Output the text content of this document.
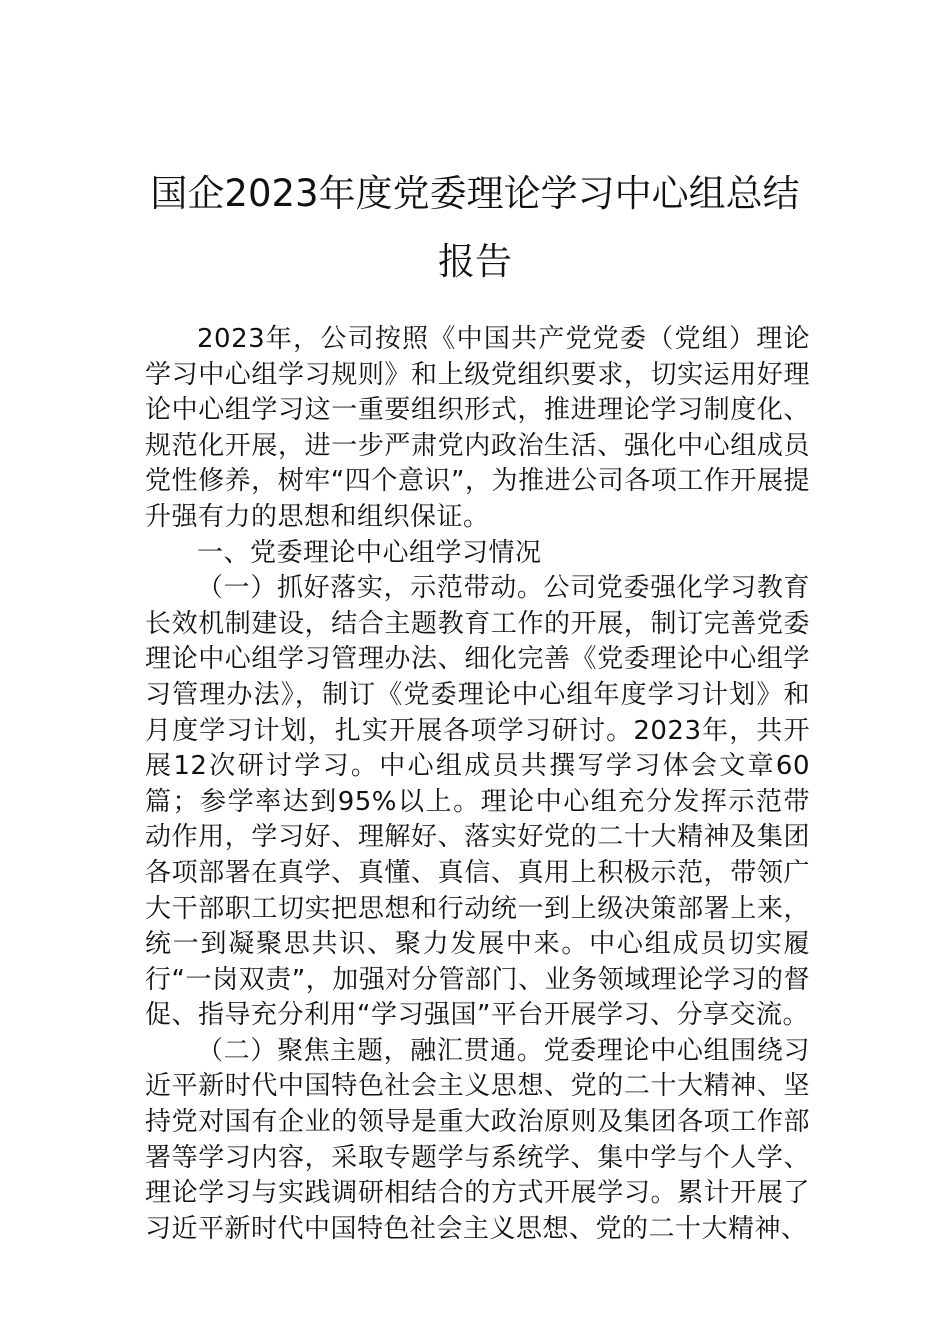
国企2023年度党委理论学习中心组总结报告

2023年，公司按照《中国共产党党委（党组）理论学习中心组学习规则》和上级党组织要求，切实运用好理论中心组学习这一重要组织形式，推进理论学习制度化、规范化开展，进一步严肃党内政治生活、强化中心组成员党性修养，树牢“四个意识”，为推进公司各项工作开展提升强有力的思想和组织保证。

一、党委理论中心组学习情况

（一）抓好落实，示范带动。公司党委强化学习教育长效机制建设，结合主题教育工作的开展，制订完善党委理论中心组学习管理办法、细化完善《党委理论中心组学习管理办法》，制订《党委理论中心组年度学习计划》和月度学习计划，扎实开展各项学习研讨。2023年，共开展12次研讨学习。中心组成员共撰写学习体会文章60篇；参学率达到95%以上。理论中心组充分发挥示范带动作用，学习好、理解好、落实好党的二十大精神及集团各项部署在真学、真懂、真信、真用上积极示范，带领广大干部职工切实把思想和行动统一到上级决策部署上来，统一到凝聚思共识、聚力发展中来。中心组成员切实履行“一岗双责”，加强对分管部门、业务领域理论学习的督促、指导充分利用“学习强国”平台开展学习、分享交流。

（二）聚焦主题，融汇贯通。党委理论中心组围绕习近平新时代中国特色社会主义思想、党的二十大精神、坚持党对国有企业的领导是重大政治原则及集团各项工作部署等学习内容，采取专题学与系统学、集中学与个人学、理论学习与实践调研相结合的方式开展学习。累计开展了习近平新时代中国特色社会主义思想、党的二十大精神、
